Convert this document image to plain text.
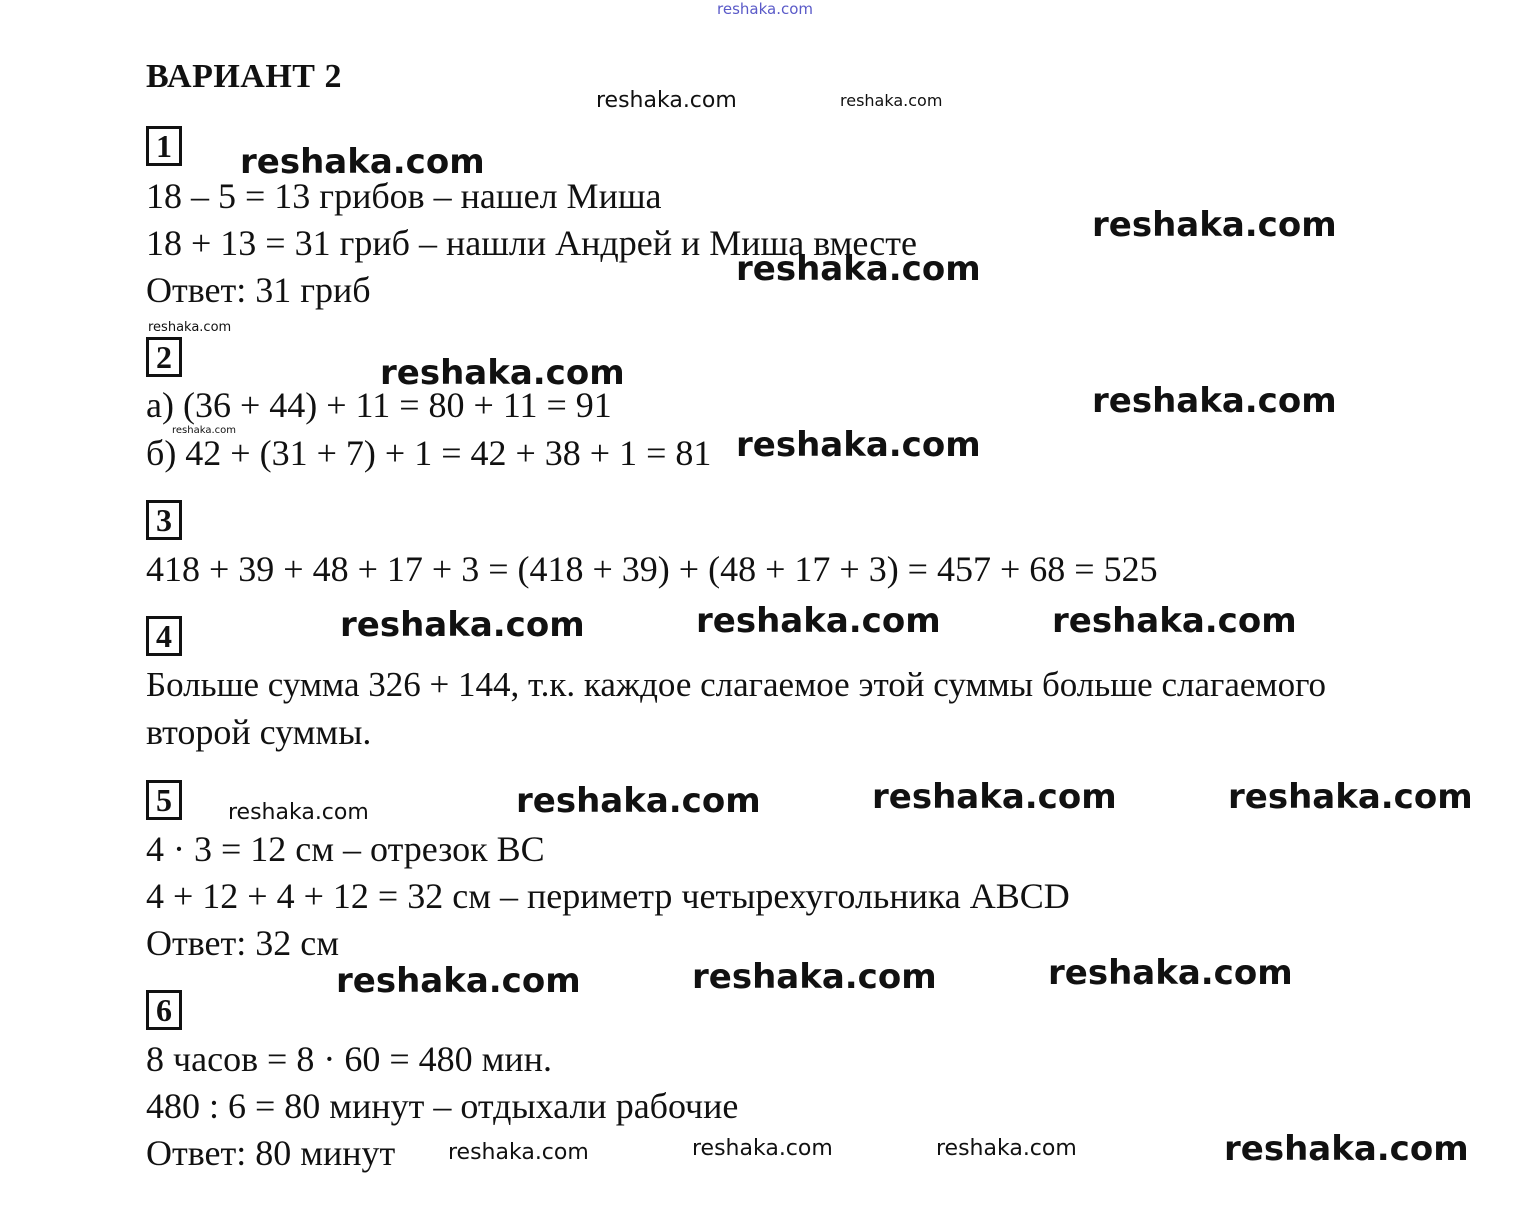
reshaka.com
ВАРИАНТ 2
1
18 – 5 = 13 грибов – нашел Миша
18 + 13 = 31 гриб – нашли Андрей и Миша вместе
Ответ: 31 гриб
2
а) (36 + 44) + 11 = 80 + 11 = 91
б) 42 + (31 + 7) + 1 = 42 + 38 + 1 = 81
3
418 + 39 + 48 + 17 + 3 = (418 + 39) + (48 + 17 + 3) = 457 + 68 = 525
4
Больше сумма 326 + 144, т.к. каждое слагаемое этой суммы больше слагаемого
второй суммы.
5
4 · 3 = 12 см – отрезок ВС
4 + 12 + 4 + 12 = 32 см – периметр четырехугольника АВСD
Ответ: 32 см
6
8 часов = 8 · 60 = 480 мин.
480 : 6 = 80 минут – отдыхали рабочие
Ответ: 80 минут
reshaka.com	reshaka.com
reshaka.com
reshaka.com
reshaka.com
reshaka.com
reshaka.com
reshaka.com
reshaka.com	reshaka.com
reshaka.com	reshaka.com	reshaka.com
reshaka.com	reshaka.com	reshaka.com	reshaka.com
reshaka.com	reshaka.com	reshaka.com
reshaka.com	reshaka.com	reshaka.com	reshaka.com
reshaka.com
